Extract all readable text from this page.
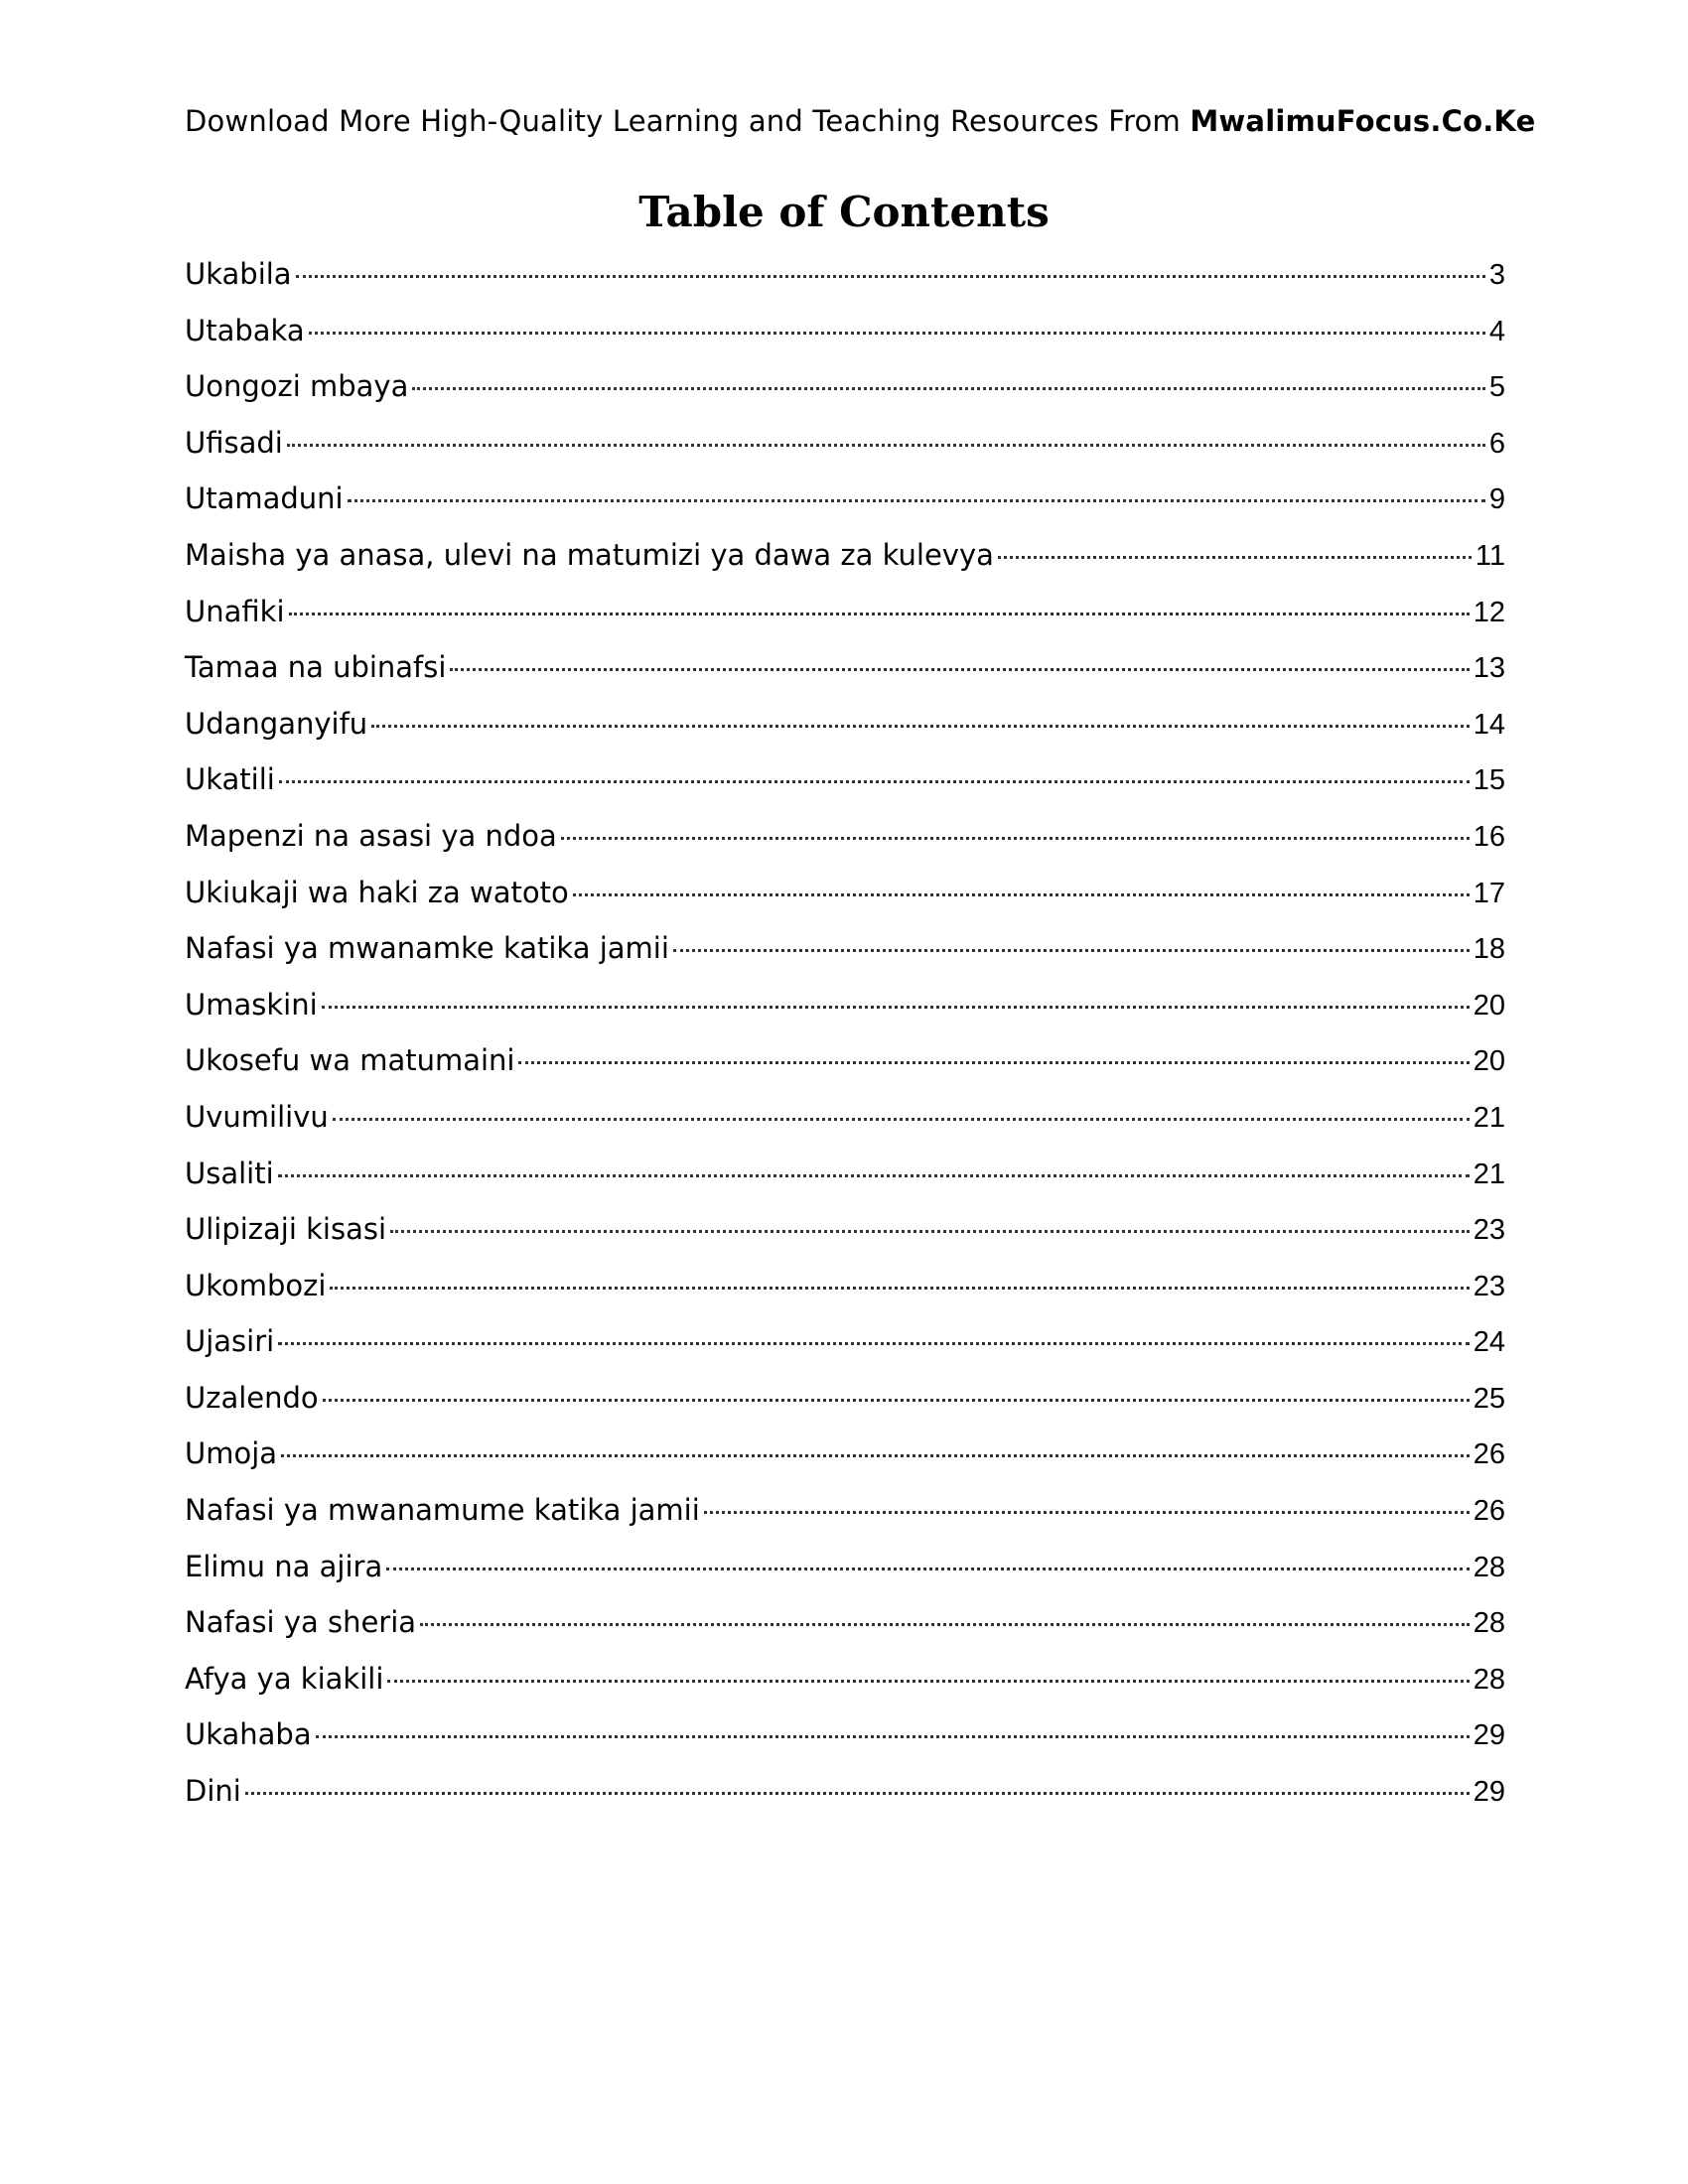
Download More High-Quality Learning and Teaching Resources From MwalimuFocus.Co.Ke
Table of Contents
Ukabila	3
Utabaka	4
Uongozi mbaya	5
Ufisadi	6
Utamaduni	9
Maisha ya anasa, ulevi na matumizi ya dawa za kulevya	11
Unafiki	12
Tamaa na ubinafsi	13
Udanganyifu	14
Ukatili	15
Mapenzi na asasi ya ndoa	16
Ukiukaji wa haki za watoto	17
Nafasi ya mwanamke katika jamii	18
Umaskini	20
Ukosefu wa matumaini	20
Uvumilivu	21
Usaliti	21
Ulipizaji kisasi	23
Ukombozi	23
Ujasiri	24
Uzalendo	25
Umoja	26
Nafasi ya mwanamume katika jamii	26
Elimu na ajira	28
Nafasi ya sheria	28
Afya ya kiakili	28
Ukahaba	29
Dini	29
